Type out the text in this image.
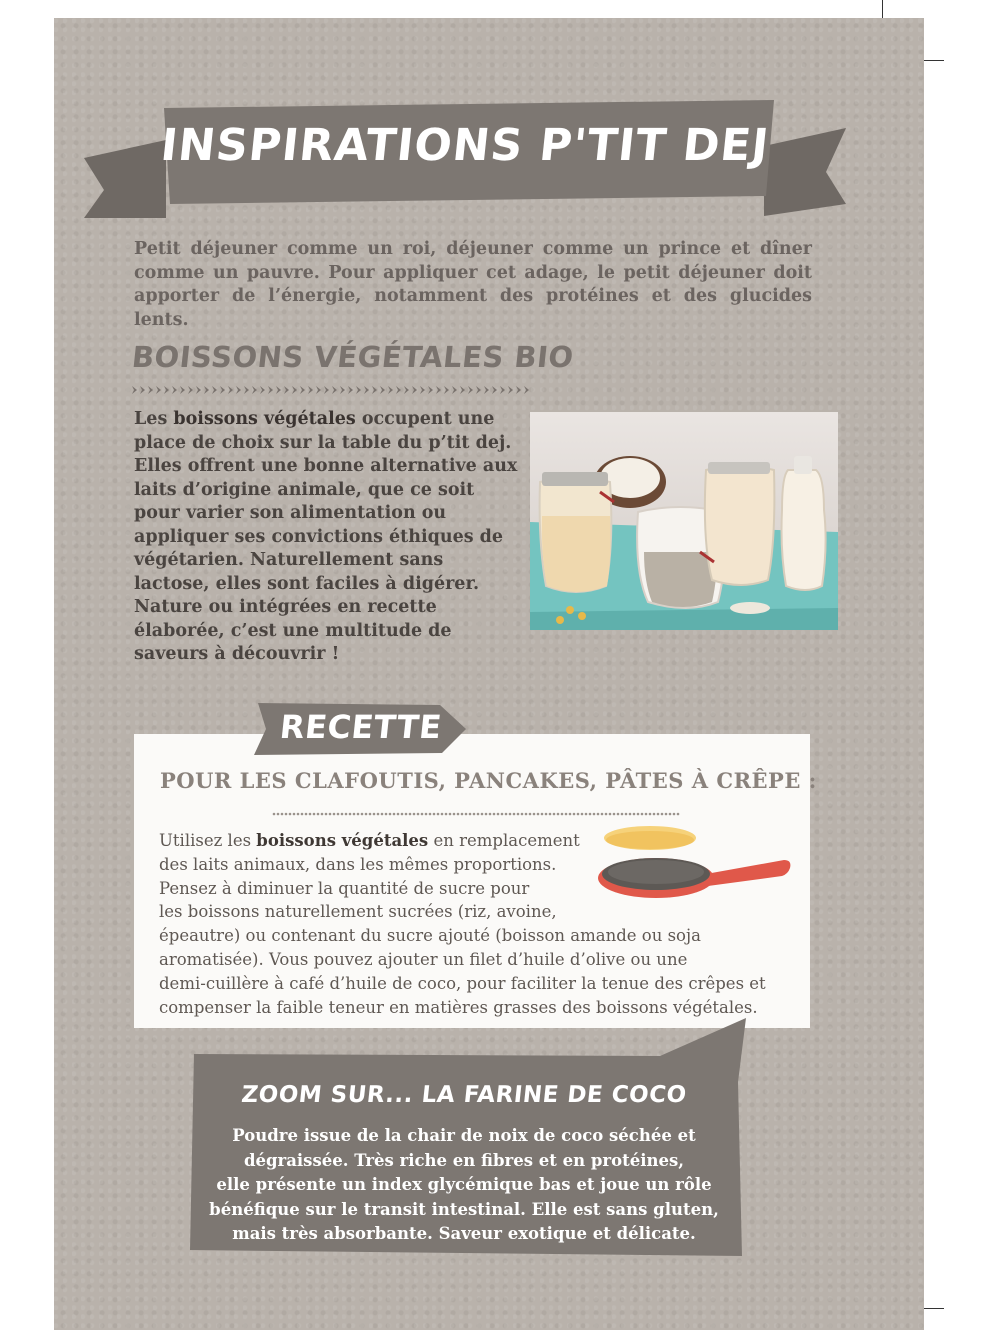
INSPIRATIONS P'TIT DEJ
Petit déjeuner comme un roi, déjeuner comme un prince et dîner
comme un pauvre. Pour appliquer cet adage, le petit déjeuner doit
apporter de l’énergie, notamment des protéines et des glucides lents.
BOISSONS VÉGÉTALES BIO
Les boissons végétales occupent une place de choix sur la table du p’tit dej. Elles offrent une bonne alternative aux laits d’origine animale, que ce soit pour varier son alimentation ou appliquer ses convictions éthiques de végétarien. Naturellement sans lactose, elles sont faciles à digérer. Nature ou intégrées en recette élaborée, c’est une multitude de saveurs à découvrir !
RECETTE
POUR LES CLAFOUTIS, PANCAKES, PÂTES À CRÊPE :
Utilisez les boissons végétales en remplacement
des laits animaux, dans les mêmes proportions.
Pensez à diminuer la quantité de sucre pour
les boissons naturellement sucrées (riz, avoine,
épeautre) ou contenant du sucre ajouté (boisson amande ou soja
aromatisée). Vous pouvez ajouter un filet d’huile d’olive ou une
demi-cuillère à café d’huile de coco, pour faciliter la tenue des crêpes et
compenser la faible teneur en matières grasses des boissons végétales.
ZOOM SUR... LA FARINE DE COCO
Poudre issue de la chair de noix de coco séchée et
dégraissée. Très riche en fibres et en protéines,
elle présente un index glycémique bas et joue un rôle
bénéfique sur le transit intestinal. Elle est sans gluten,
mais très absorbante. Saveur exotique et délicate.
